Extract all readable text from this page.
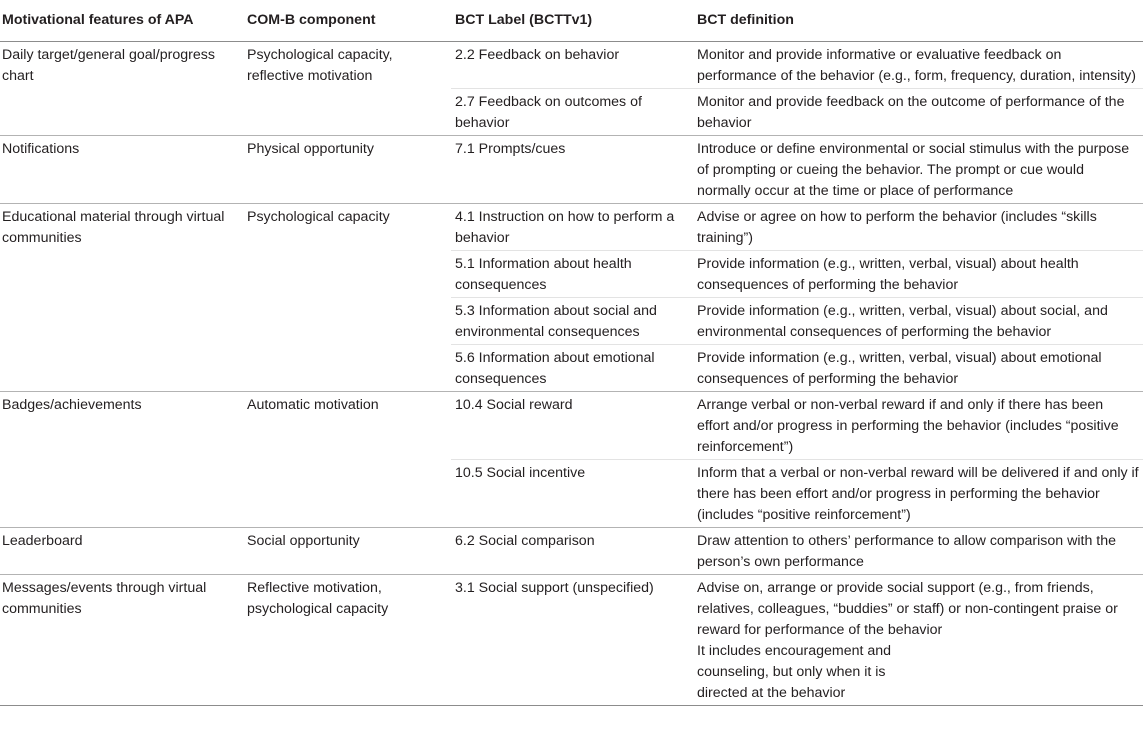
Motivational features of APA	COM-B component	BCT Label (BCTTv1)	BCT definition
Daily target/general goal/progress chart	Psychological capacity, reflective motivation	2.2 Feedback on behavior	Monitor and provide informative or evaluative feedback on performance of the behavior (e.g., form, frequency, duration, intensity)
		2.7 Feedback on outcomes of behavior	Monitor and provide feedback on the outcome of performance of the behavior
Notifications	Physical opportunity	7.1 Prompts/cues	Introduce or define environmental or social stimulus with the purpose of prompting or cueing the behavior. The prompt or cue would normally occur at the time or place of performance
Educational material through virtual communities	Psychological capacity	4.1 Instruction on how to perform a behavior	Advise or agree on how to perform the behavior (includes “skills training”)
		5.1 Information about health consequences	Provide information (e.g., written, verbal, visual) about health consequences of performing the behavior
		5.3 Information about social and environmental consequences	Provide information (e.g., written, verbal, visual) about social, and environmental consequences of performing the behavior
		5.6 Information about emotional consequences	Provide information (e.g., written, verbal, visual) about emotional consequences of performing the behavior
Badges/achievements	Automatic motivation	10.4 Social reward	Arrange verbal or non-verbal reward if and only if there has been effort and/or progress in performing the behavior (includes “positive reinforcement”)
		10.5 Social incentive	Inform that a verbal or non-verbal reward will be delivered if and only if there has been effort and/or progress in performing the behavior (includes “positive reinforcement”)
Leaderboard	Social opportunity	6.2 Social comparison	Draw attention to others’ performance to allow comparison with the person’s own performance
Messages/events through virtual communities	Reflective motivation, psychological capacity	3.1 Social support (unspecified)	Advise on, arrange or provide social support (e.g., from friends, relatives, colleagues, “buddies” or staff) or non-contingent praise or reward for performance of the behavior
It includes encouragement and
counseling, but only when it is
directed at the behavior
